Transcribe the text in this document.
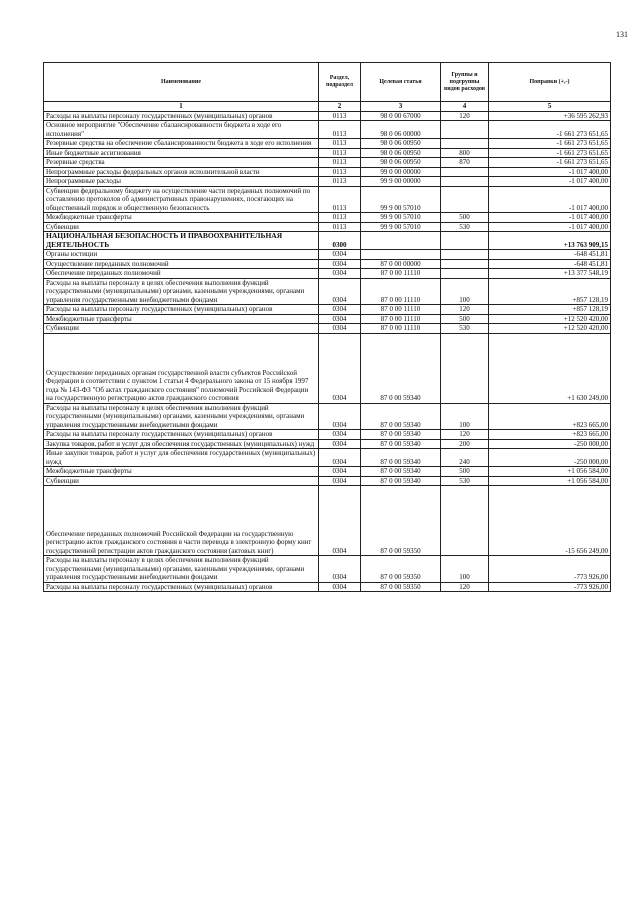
131
Наименование	Раздел, подраздел	Целевая статья	Группы и подгруппы видов расходов	Поправки (+,-)
1	2	3	4	5
Расходы на выплаты персоналу государственных (муниципальных) органов	0113	98 0 00 67000	120	+36 595 262,93
Основное мероприятие "Обеспечение сбалансированности бюджета в ходе его исполнения"	0113	98 0 06 00000		-1 661 273 651,65
Резервные средства на обеспечение сбалансированности бюджета в ходе его исполнения	0113	98 0 06 00950		-1 661 273 651,65
Иные бюджетные ассигнования	0113	98 0 06 00950	800	-1 661 273 651,65
Резервные средства	0113	98 0 06 00950	870	-1 661 273 651,65
Непрограммные расходы федеральных органов исполнительной власти	0113	99 0 00 00000		-1 017 400,00
Непрограммные расходы	0113	99 9 00 00000		-1 017 400,00
Субвенции федеральному бюджету на осуществление части переданных полномочий по составлению протоколов об административных правонарушениях, посягающих на общественный порядок и общественную безопасность	0113	99 9 00 57010		-1 017 400,00
Межбюджетные трансферты	0113	99 9 00 57010	500	-1 017 400,00
Субвенции	0113	99 9 00 57010	530	-1 017 400,00
НАЦИОНАЛЬНАЯ БЕЗОПАСНОСТЬ И ПРАВООХРАНИТЕЛЬНАЯ ДЕЯТЕЛЬНОСТЬ	0300			+13 763 909,15
Органы юстиции	0304			-648 451,81
Осуществление переданных полномочий	0304	87 0 00 00000		-648 451,81
Обеспечение переданных полномочий	0304	87 0 00 11110		+13 377 548,19
Расходы на выплаты персоналу в целях обеспечения выполнения функций государственными (муниципальными) органами, казенными учреждениями, органами управления государственными внебюджетными фондами	0304	87 0 00 11110	100	+857 128,19
Расходы на выплаты персоналу государственных (муниципальных) органов	0304	87 0 00 11110	120	+857 128,19
Межбюджетные трансферты	0304	87 0 00 11110	500	+12 520 420,00
Субвенции	0304	87 0 00 11110	530	+12 520 420,00
Осуществление переданных органам государственной власти субъектов Российской Федерации в соответствии с пунктом 1 статьи 4 Федерального закона от 15 ноября 1997 года № 143-ФЗ "Об актах гражданского состояния" полномочий Российской Федерации на государственную регистрацию актов гражданского состояния	0304	87 0 00 59340		+1 630 249,00
Расходы на выплаты персоналу в целях обеспечения выполнения функций государственными (муниципальными) органами, казенными учреждениями, органами управления государственными внебюджетными фондами	0304	87 0 00 59340	100	+823 665,00
Расходы на выплаты персоналу государственных (муниципальных) органов	0304	87 0 00 59340	120	+823 665,00
Закупка товаров, работ и услуг для обеспечения государственных (муниципальных) нужд	0304	87 0 00 59340	200	-250 000,00
Иные закупки товаров, работ и услуг для обеспечения государственных (муниципальных) нужд	0304	87 0 00 59340	240	-250 000,00
Межбюджетные трансферты	0304	87 0 00 59340	500	+1 056 584,00
Субвенции	0304	87 0 00 59340	530	+1 056 584,00
Обеспечение переданных полномочий Российской Федерации на государственную регистрацию актов гражданского состояния в части перевода в электронную форму книг государственной регистрации актов гражданского состояния (актовых книг)	0304	87 0 00 59350		-15 656 249,00
Расходы на выплаты персоналу в целях обеспечения выполнения функций государственными (муниципальными) органами, казенными учреждениями, органами управления государственными внебюджетными фондами	0304	87 0 00 59350	100	-773 926,00
Расходы на выплаты персоналу государственных (муниципальных) органов	0304	87 0 00 59350	120	-773 926,00
